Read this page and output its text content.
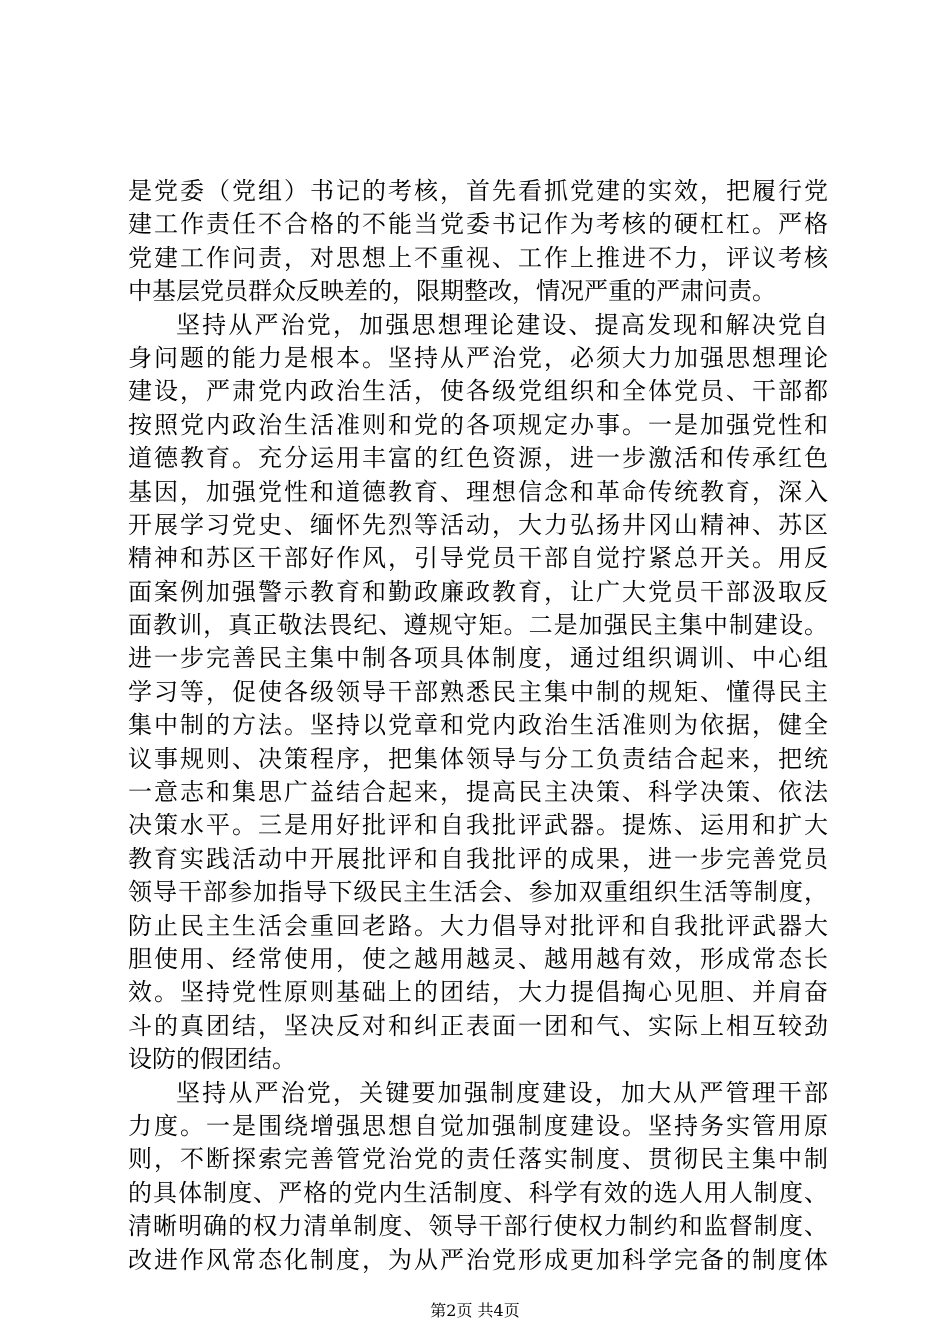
是党委（党组）书记的考核，首先看抓党建的实效，把履行党
建工作责任不合格的不能当党委书记作为考核的硬杠杠。严格
党建工作问责，对思想上不重视、工作上推进不力，评议考核
中基层党员群众反映差的，限期整改，情况严重的严肃问责。
坚持从严治党，加强思想理论建设、提高发现和解决党自
身问题的能力是根本。坚持从严治党，必须大力加强思想理论
建设，严肃党内政治生活，使各级党组织和全体党员、干部都
按照党内政治生活准则和党的各项规定办事。一是加强党性和
道德教育。充分运用丰富的红色资源，进一步激活和传承红色
基因，加强党性和道德教育、理想信念和革命传统教育，深入
开展学习党史、缅怀先烈等活动，大力弘扬井冈山精神、苏区
精神和苏区干部好作风，引导党员干部自觉拧紧总开关。用反
面案例加强警示教育和勤政廉政教育，让广大党员干部汲取反
面教训，真正敬法畏纪、遵规守矩。二是加强民主集中制建设。
进一步完善民主集中制各项具体制度，通过组织调训、中心组
学习等，促使各级领导干部熟悉民主集中制的规矩、懂得民主
集中制的方法。坚持以党章和党内政治生活准则为依据，健全
议事规则、决策程序，把集体领导与分工负责结合起来，把统
一意志和集思广益结合起来，提高民主决策、科学决策、依法
决策水平。三是用好批评和自我批评武器。提炼、运用和扩大
教育实践活动中开展批评和自我批评的成果，进一步完善党员
领导干部参加指导下级民主生活会、参加双重组织生活等制度，
防止民主生活会重回老路。大力倡导对批评和自我批评武器大
胆使用、经常使用，使之越用越灵、越用越有效，形成常态长
效。坚持党性原则基础上的团结，大力提倡掏心见胆、并肩奋
斗的真团结，坚决反对和纠正表面一团和气、实际上相互较劲
设防的假团结。
坚持从严治党，关键要加强制度建设，加大从严管理干部
力度。一是围绕增强思想自觉加强制度建设。坚持务实管用原
则，不断探索完善管党治党的责任落实制度、贯彻民主集中制
的具体制度、严格的党内生活制度、科学有效的选人用人制度、
清晰明确的权力清单制度、领导干部行使权力制约和监督制度、
改进作风常态化制度，为从严治党形成更加科学完备的制度体
第2页 共4页
